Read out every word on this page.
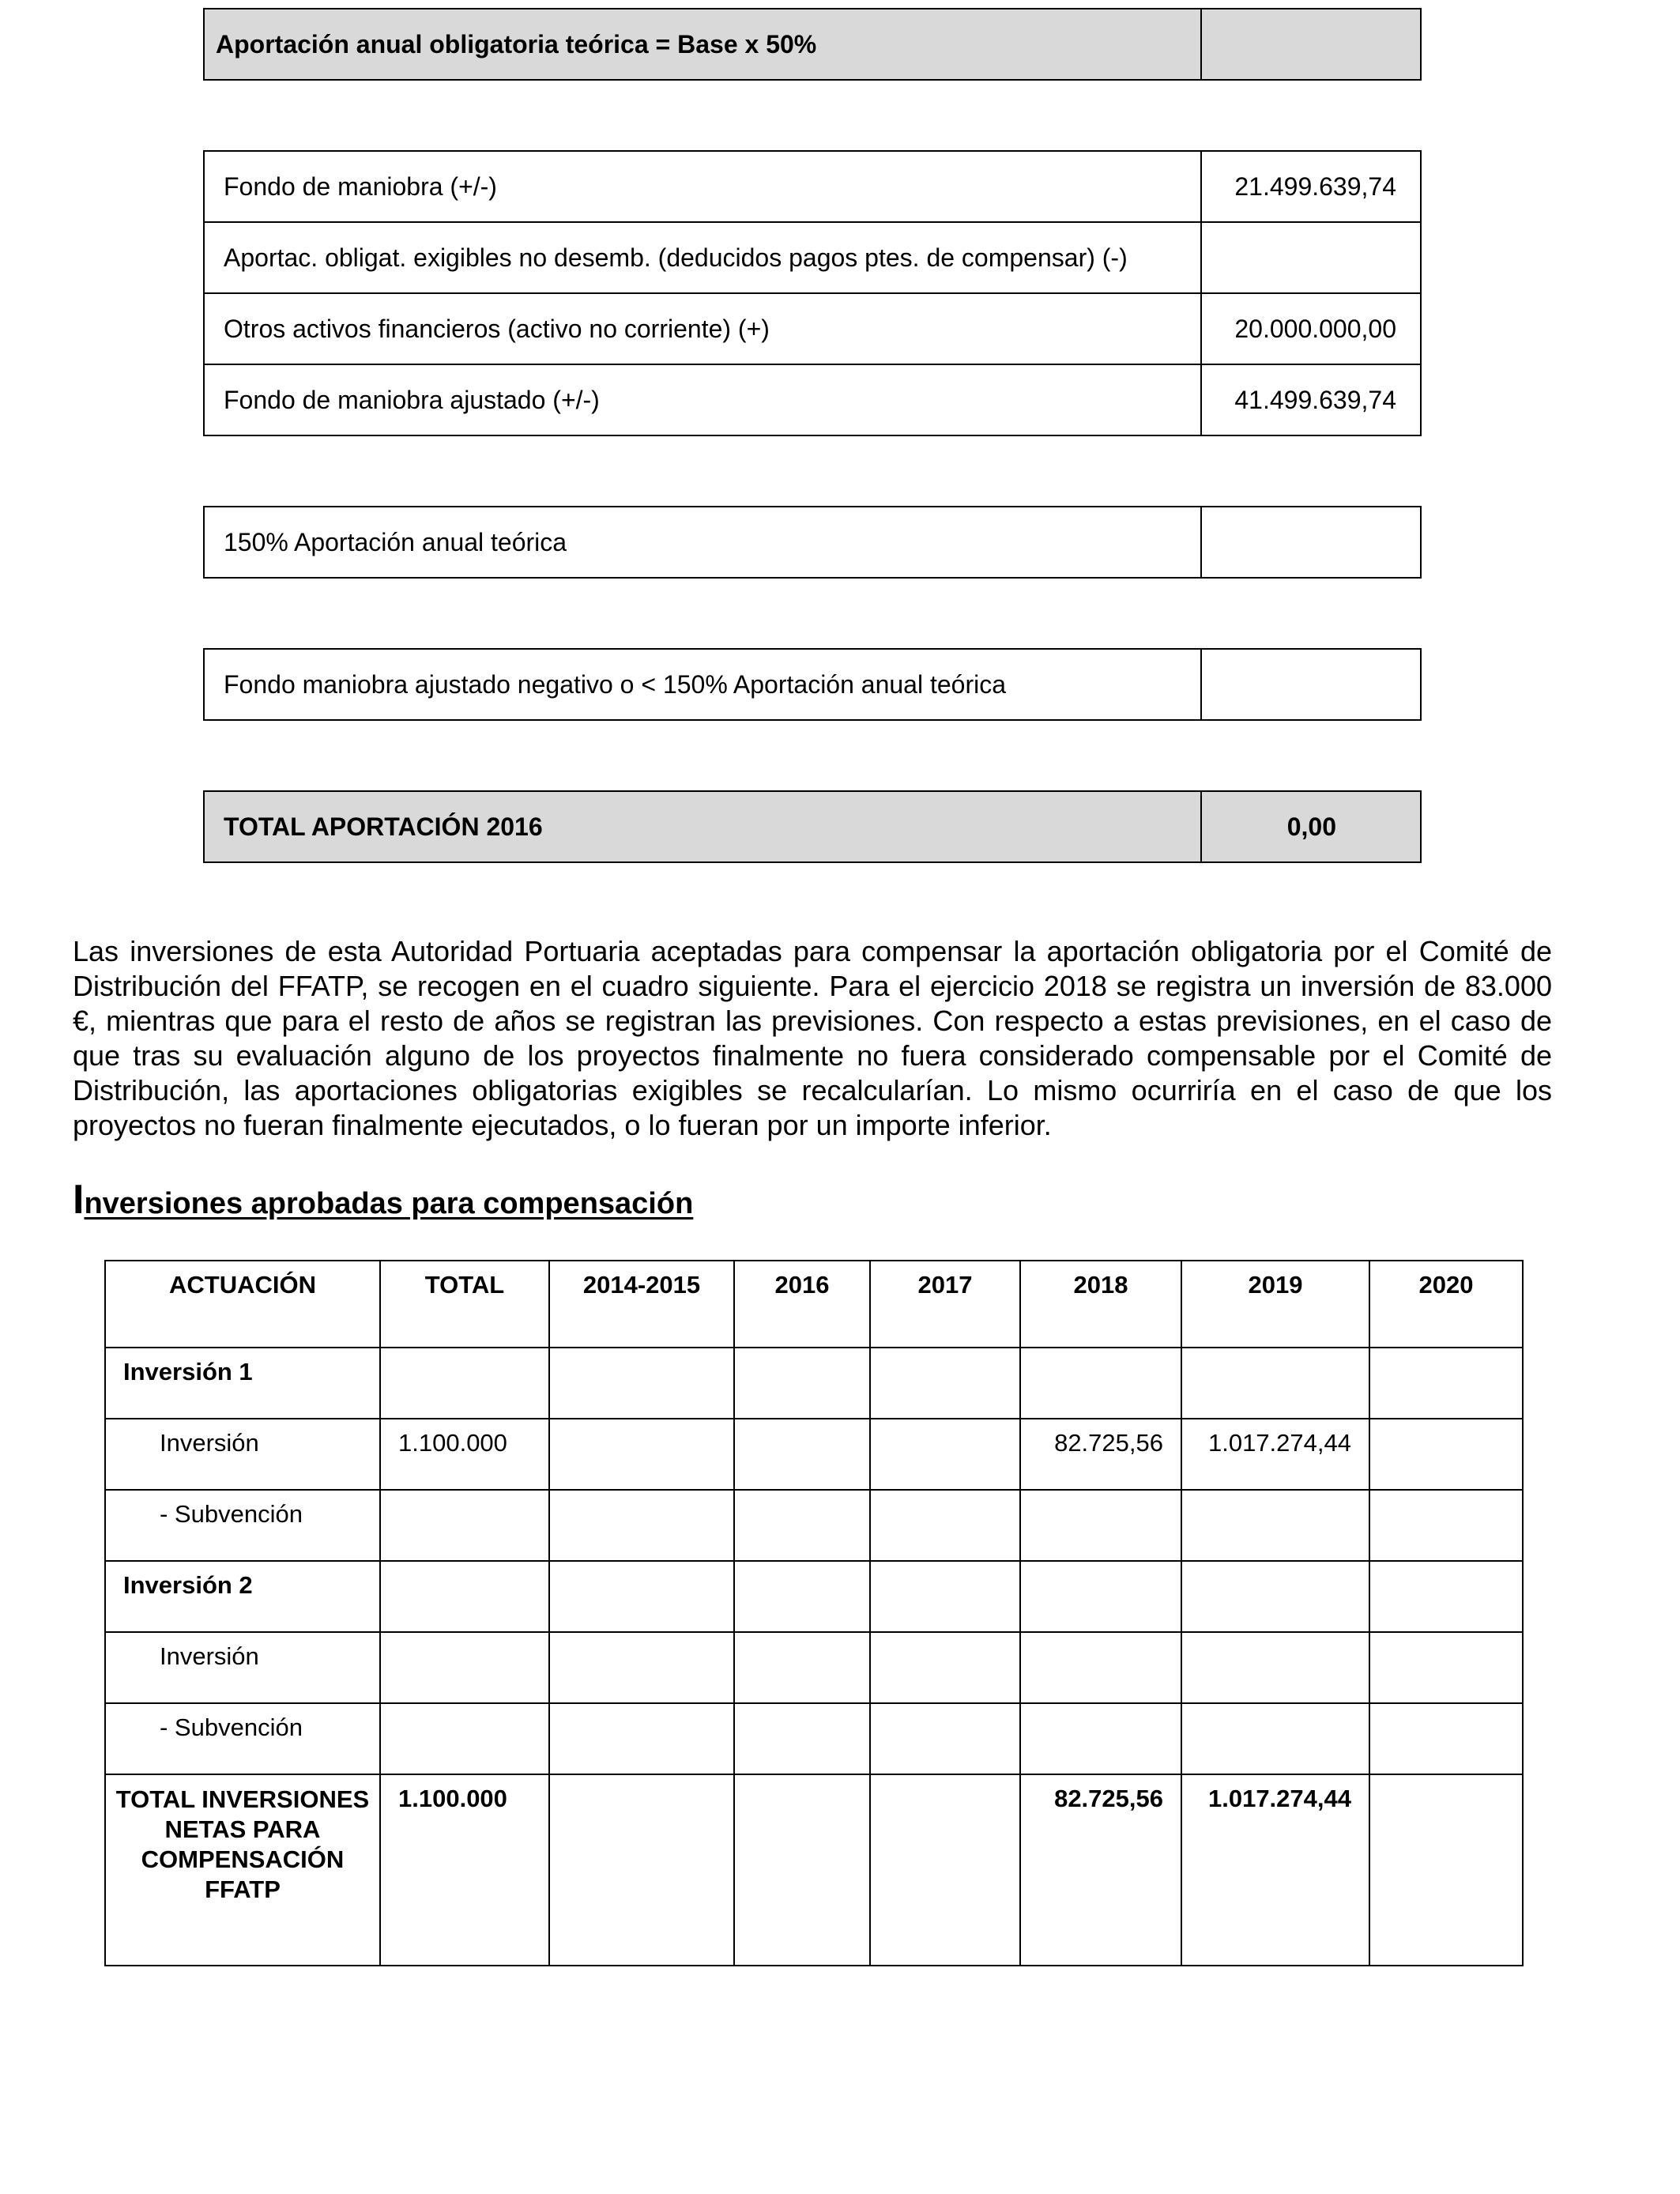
Aportación anual obligatoria teórica = Base x 50%
Fondo de maniobra (+/-)	21.499.639,74
Aportac. obligat. exigibles no desemb. (deducidos pagos ptes. de compensar) (-)
Otros activos financieros (activo no corriente) (+)	20.000.000,00
Fondo de maniobra ajustado (+/-)	41.499.639,74
150% Aportación anual teórica
Fondo maniobra ajustado negativo o < 150% Aportación anual teórica
TOTAL APORTACIÓN 2016	0,00

Las inversiones de esta Autoridad Portuaria aceptadas para compensar la aportación obligatoria por el Comité de Distribución del FFATP, se recogen en el cuadro siguiente. Para el ejercicio 2018 se registra un inversión de 83.000 €, mientras que para el resto de años se registran las previsiones. Con respecto a estas previsiones, en el caso de que tras su evaluación alguno de los proyectos finalmente no fuera considerado compensable por el Comité de Distribución, las aportaciones obligatorias exigibles se recalcularían. Lo mismo ocurriría en el caso de que los proyectos no fueran finalmente ejecutados, o lo fueran por un importe inferior.

Inversiones aprobadas para compensación
ACTUACIÓN	TOTAL	2014-2015	2016	2017	2018	2019	2020
Inversión 1							
Inversión	1.100.000				82.725,56	1.017.274,44	
- Subvención							
Inversión 2							
Inversión							
- Subvención							
TOTAL INVERSIONES NETAS PARA COMPENSACIÓN FFATP	1.100.000				82.725,56	1.017.274,44	
